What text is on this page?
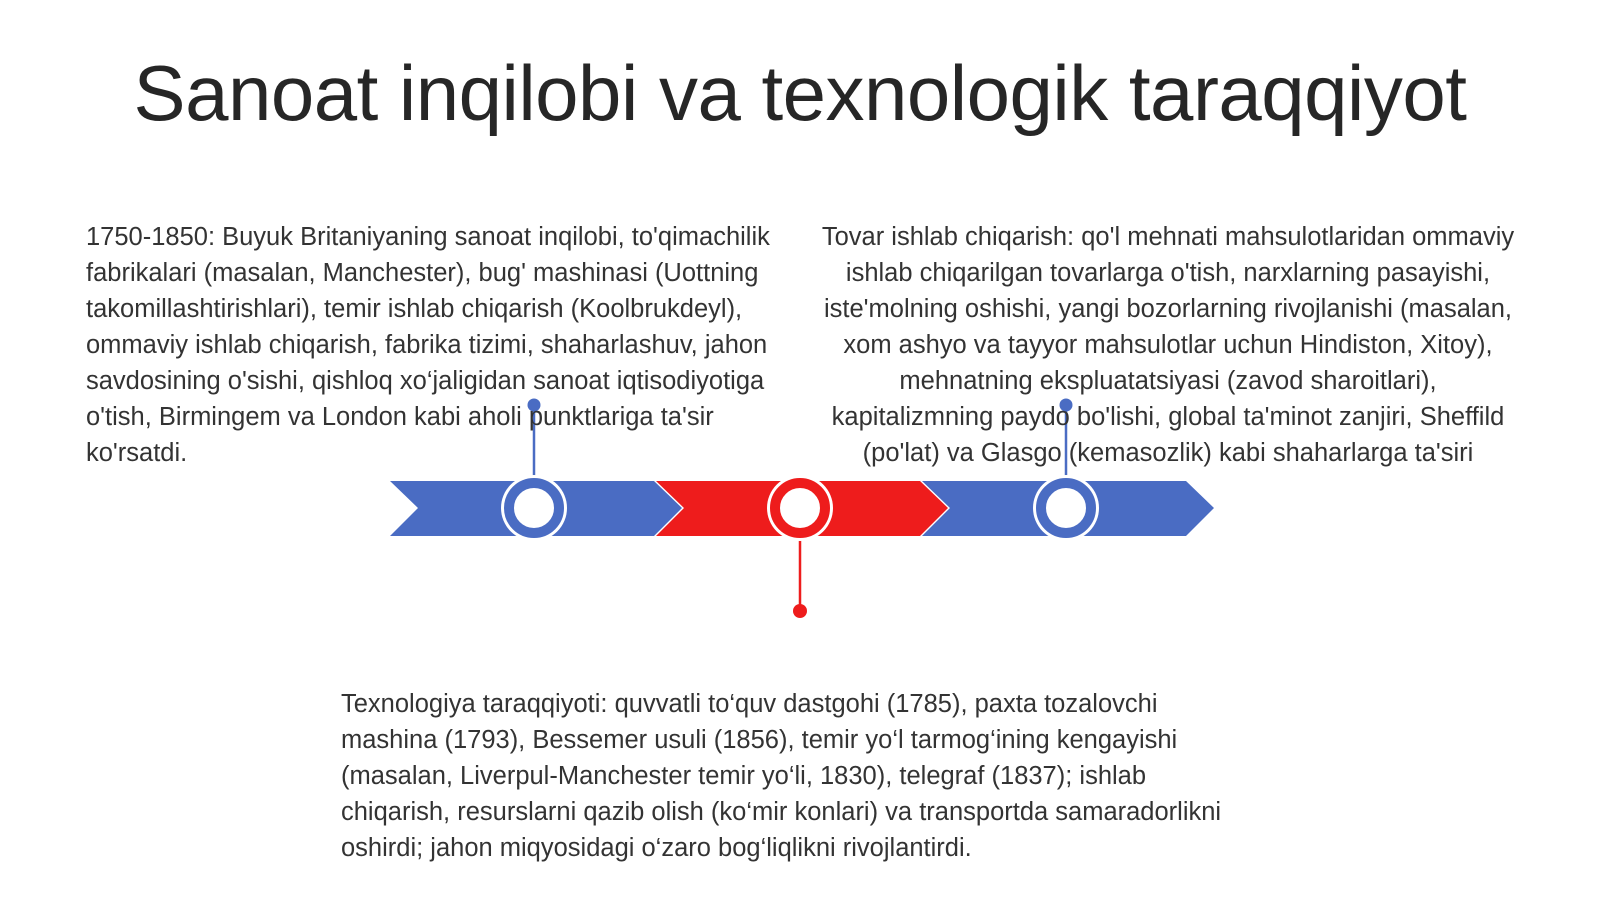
Sanoat inqilobi va texnologik taraqqiyot
1750-1850: Buyuk Britaniyaning sanoat inqilobi, to'qimachilik fabrikalari (masalan, Manchester), bug' mashinasi (Uottning takomillashtirishlari), temir ishlab chiqarish (Koolbrukdeyl), ommaviy ishlab chiqarish, fabrika tizimi, shaharlashuv, jahon savdosining o'sishi, qishloq xo‘jaligidan sanoat iqtisodiyotiga o'tish, Birmingem va London kabi aholi punktlariga ta'sir ko'rsatdi.
Tovar ishlab chiqarish: qo'l mehnati mahsulotlaridan ommaviy ishlab chiqarilgan tovarlarga o'tish, narxlarning pasayishi, iste'molning oshishi, yangi bozorlarning rivojlanishi (masalan, xom ashyo va tayyor mahsulotlar uchun Hindiston, Xitoy), mehnatning ekspluatatsiyasi (zavod sharoitlari), kapitalizmning paydo bo'lishi, global ta'minot zanjiri, Sheffild (po'lat) va Glasgo (kemasozlik) kabi shaharlarga ta'siri
Texnologiya taraqqiyoti: quvvatli to‘quv dastgohi (1785), paxta tozalovchi mashina (1793), Bessemer usuli (1856), temir yo‘l tarmog‘ining kengayishi (masalan, Liverpul-Manchester temir yo‘li, 1830), telegraf (1837); ishlab chiqarish, resurslarni qazib olish (ko‘mir konlari) va transportda samaradorlikni oshirdi; jahon miqyosidagi o‘zaro bog‘liqlikni rivojlantirdi.
